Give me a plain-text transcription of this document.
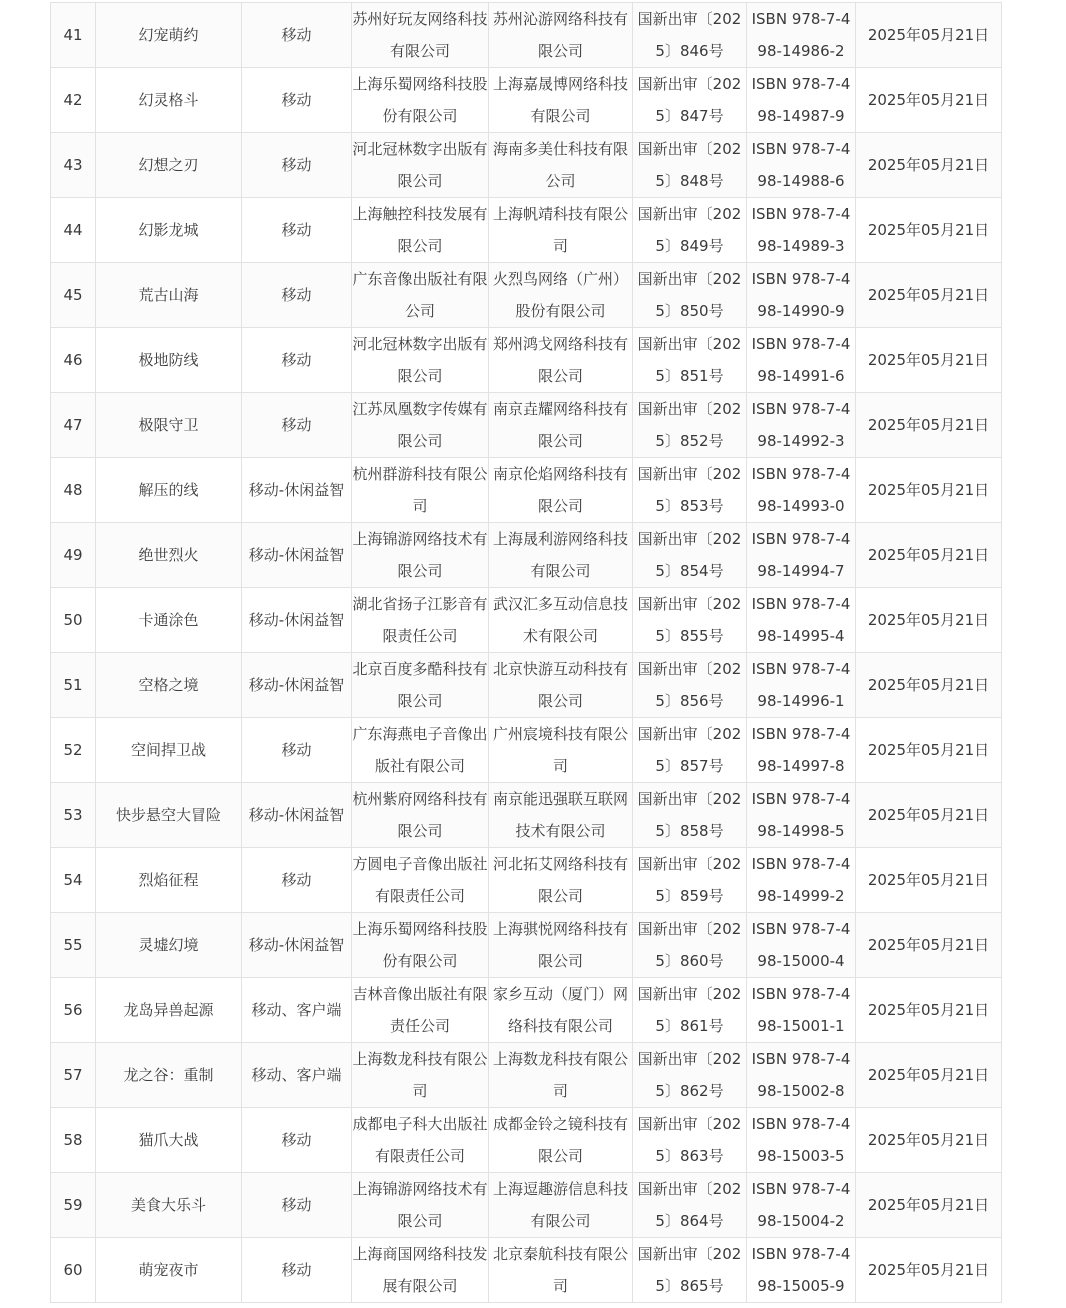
41	幻宠萌约	移动	苏州好玩友网络科技有限公司	苏州沁游网络科技有限公司	国新出审〔2025〕846号	ISBN 978-7-498-14986-2	2025年05月21日
42	幻灵格斗	移动	上海乐蜀网络科技股份有限公司	上海嘉晟博网络科技有限公司	国新出审〔2025〕847号	ISBN 978-7-498-14987-9	2025年05月21日
43	幻想之刃	移动	河北冠林数字出版有限公司	海南多美仕科技有限公司	国新出审〔2025〕848号	ISBN 978-7-498-14988-6	2025年05月21日
44	幻影龙城	移动	上海触控科技发展有限公司	上海帆靖科技有限公司	国新出审〔2025〕849号	ISBN 978-7-498-14989-3	2025年05月21日
45	荒古山海	移动	广东音像出版社有限公司	火烈鸟网络（广州）股份有限公司	国新出审〔2025〕850号	ISBN 978-7-498-14990-9	2025年05月21日
46	极地防线	移动	河北冠林数字出版有限公司	郑州鸿戈网络科技有限公司	国新出审〔2025〕851号	ISBN 978-7-498-14991-6	2025年05月21日
47	极限守卫	移动	江苏凤凰数字传媒有限公司	南京垚耀网络科技有限公司	国新出审〔2025〕852号	ISBN 978-7-498-14992-3	2025年05月21日
48	解压的线	移动-休闲益智	杭州群游科技有限公司	南京伦焰网络科技有限公司	国新出审〔2025〕853号	ISBN 978-7-498-14993-0	2025年05月21日
49	绝世烈火	移动-休闲益智	上海锦游网络技术有限公司	上海晟利游网络科技有限公司	国新出审〔2025〕854号	ISBN 978-7-498-14994-7	2025年05月21日
50	卡通涂色	移动-休闲益智	湖北省扬子江影音有限责任公司	武汉汇多互动信息技术有限公司	国新出审〔2025〕855号	ISBN 978-7-498-14995-4	2025年05月21日
51	空格之境	移动-休闲益智	北京百度多酷科技有限公司	北京快游互动科技有限公司	国新出审〔2025〕856号	ISBN 978-7-498-14996-1	2025年05月21日
52	空间捍卫战	移动	广东海燕电子音像出版社有限公司	广州宸境科技有限公司	国新出审〔2025〕857号	ISBN 978-7-498-14997-8	2025年05月21日
53	快步悬空大冒险	移动-休闲益智	杭州紫府网络科技有限公司	南京能迅强联互联网技术有限公司	国新出审〔2025〕858号	ISBN 978-7-498-14998-5	2025年05月21日
54	烈焰征程	移动	方圆电子音像出版社有限责任公司	河北拓艾网络科技有限公司	国新出审〔2025〕859号	ISBN 978-7-498-14999-2	2025年05月21日
55	灵墟幻境	移动-休闲益智	上海乐蜀网络科技股份有限公司	上海骐悦网络科技有限公司	国新出审〔2025〕860号	ISBN 978-7-498-15000-4	2025年05月21日
56	龙岛异兽起源	移动、客户端	吉林音像出版社有限责任公司	家乡互动（厦门）网络科技有限公司	国新出审〔2025〕861号	ISBN 978-7-498-15001-1	2025年05月21日
57	龙之谷：重制	移动、客户端	上海数龙科技有限公司	上海数龙科技有限公司	国新出审〔2025〕862号	ISBN 978-7-498-15002-8	2025年05月21日
58	猫爪大战	移动	成都电子科大出版社有限责任公司	成都金铃之镜科技有限公司	国新出审〔2025〕863号	ISBN 978-7-498-15003-5	2025年05月21日
59	美食大乐斗	移动	上海锦游网络技术有限公司	上海逗趣游信息科技有限公司	国新出审〔2025〕864号	ISBN 978-7-498-15004-2	2025年05月21日
60	萌宠夜市	移动	上海商国网络科技发展有限公司	北京秦航科技有限公司	国新出审〔2025〕865号	ISBN 978-7-498-15005-9	2025年05月21日
